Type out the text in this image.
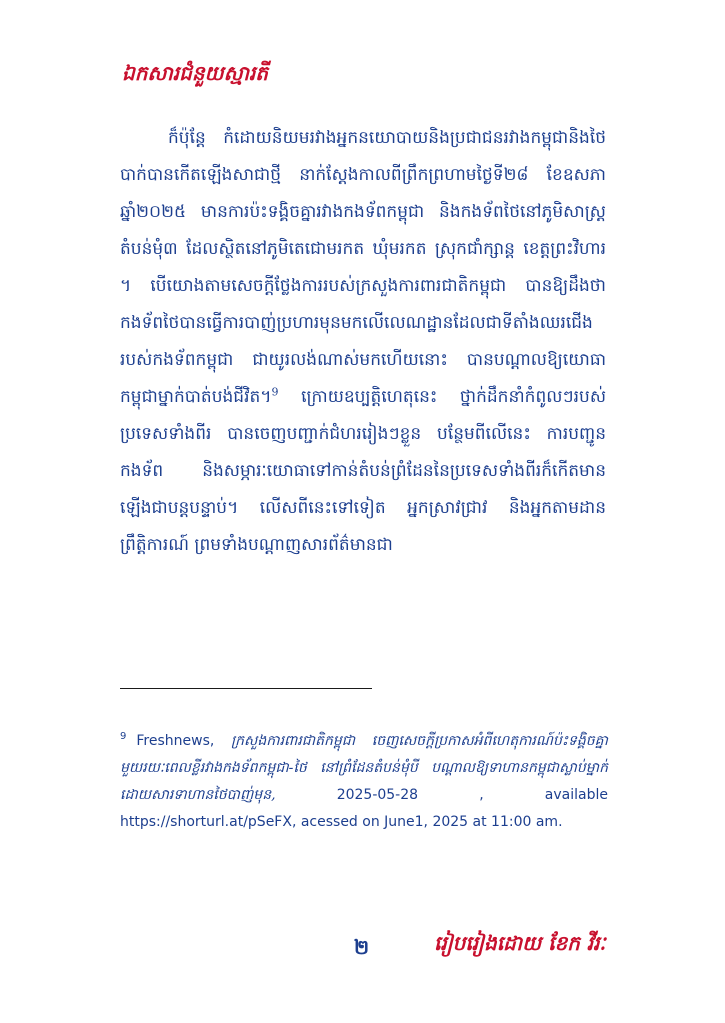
ឯកសារជំនួយស្មារតី
ក៏ប៉ុន្តែ កំដោយនិយមរវាងអ្នកនយោបាយនិងប្រជាជនរវាងកម្ពុជានិងថៃ បាក់បានកើតឡើងសាជាថ្មី នាក់ស្តែងកាលពីព្រឹកព្រហាមថ្ងៃទី២៨ ខែឧសភា ឆ្នាំ២០២៥ មានការប៉ះទង្គិចគ្នារវាងកងទ័ពកម្ពុជា និងកងទ័ពថៃនៅភូមិសាស្ត្រតំបន់មុំ៣ ដែលស្ថិតនៅភូមិតេជោមរកត ឃុំមរកត ស្រុកជាំក្សាន្ត ខេត្តព្រះវិហារ ។ បើយោងតាមសេចក្តីថ្លែងការរបស់ក្រសួងការពារជាតិកម្ពុជា បានឱ្យដឹងថា កងទ័ពថៃបានធ្វើការបាញ់ប្រហារមុនមកលើលេណដ្ឋានដែលជាទីតាំងឈរជើងរបស់កងទ័ពកម្ពុជា ជាយូរលង់ណាស់មកហើយនោះ បានបណ្តាលឱ្យយោធាកម្ពុជាម្នាក់បាត់បង់ជីវិត។$^9$ ក្រោយឧប្បត្តិហេតុនេះ ថ្នាក់ដឹកនាំកំពូលៗរបស់ប្រទេសទាំងពីរ បានចេញបញ្ជាក់ជំហររៀងៗខ្លួន បន្ថែមពីលើនេះ ការបញ្ជូនកងទ័ព និងសម្ភារៈយោធាទៅកាន់តំបន់ព្រំដែននៃប្រទេសទាំងពីរក៏កើតមានឡើងជាបន្តបន្ទាប់។ លើសពីនេះទៅទៀត អ្នកស្រាវជ្រាវ និងអ្នកតាមដានព្រឹត្តិការណ៍ ព្រមទាំងបណ្តាញសារព័ត៌មានជា
$^9$ Freshnews, ក្រសួងការពារជាតិកម្ពុជា ចេញសេចក្តីប្រកាសអំពីហេតុការណ៍ប៉ះទង្គិចគ្នាមួយរយៈពេលខ្លីរវាងកងទ័ពកម្ពុជា-ថៃ នៅព្រំដែនតំបន់មុំបី បណ្តាលឱ្យទាហានកម្ពុជាស្លាប់ម្នាក់ដោយសារទាហានថៃបាញ់មុន,	2025-05-28 , available https://shorturl.at/pSeFX, acessed on June1, 2025 at 11:00 am.
២	រៀបរៀងដោយ ខែក វីរៈ
